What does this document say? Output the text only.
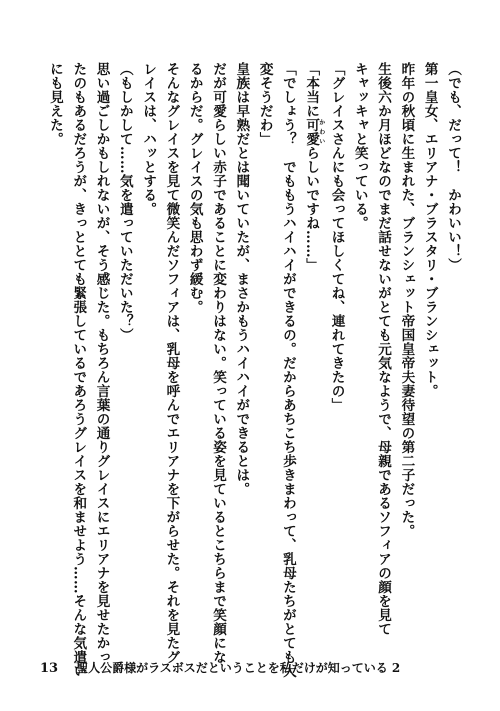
（でも、だって！　かわいい！）

第一皇女、エリアナ・ブラスタリ・ブランシェット。

昨年の秋頃に生まれた、ブランシェット帝国皇帝夫妻待望の第二子だった。

生後六か月ほどなのでまだ話せないがとても元気なようで、母親であるソフィアの顔を見て

キャッキャと笑っている。

「グレイスさんにも会ってほしくてね、連れてきたの」

「本当に可愛かわいらしいですね……」

「でしょう？　でももうハイハイができるの。だからあちこち歩きまわって、乳母たちがとても大

変そうだわ」

皇族は早熟だとは聞いていたが、まさかもうハイハイができるとは。

だが可愛らしい赤子であることに変わりはない。笑っている姿を見ているとこちらまで笑顔にな

るからだ。グレイスの気も思わず緩む。

そんなグレイスを見て微笑んだソフィアは、乳母を呼んでエリアナを下がらせた。それを見たグ

レイスは、ハッとする。

（もしかして……気を遣っていただいた？）

思い過ごしかもしれないが、そう感じた。もちろん言葉の通りグレイスにエリアナを見せたかっ

たのもあるだろうが、きっととても緊張しているであろうグレイスを和ませよう……そんな気遣い

にも見えた。

13 聖人公爵様がラスボスだということを私だけが知っている 2
